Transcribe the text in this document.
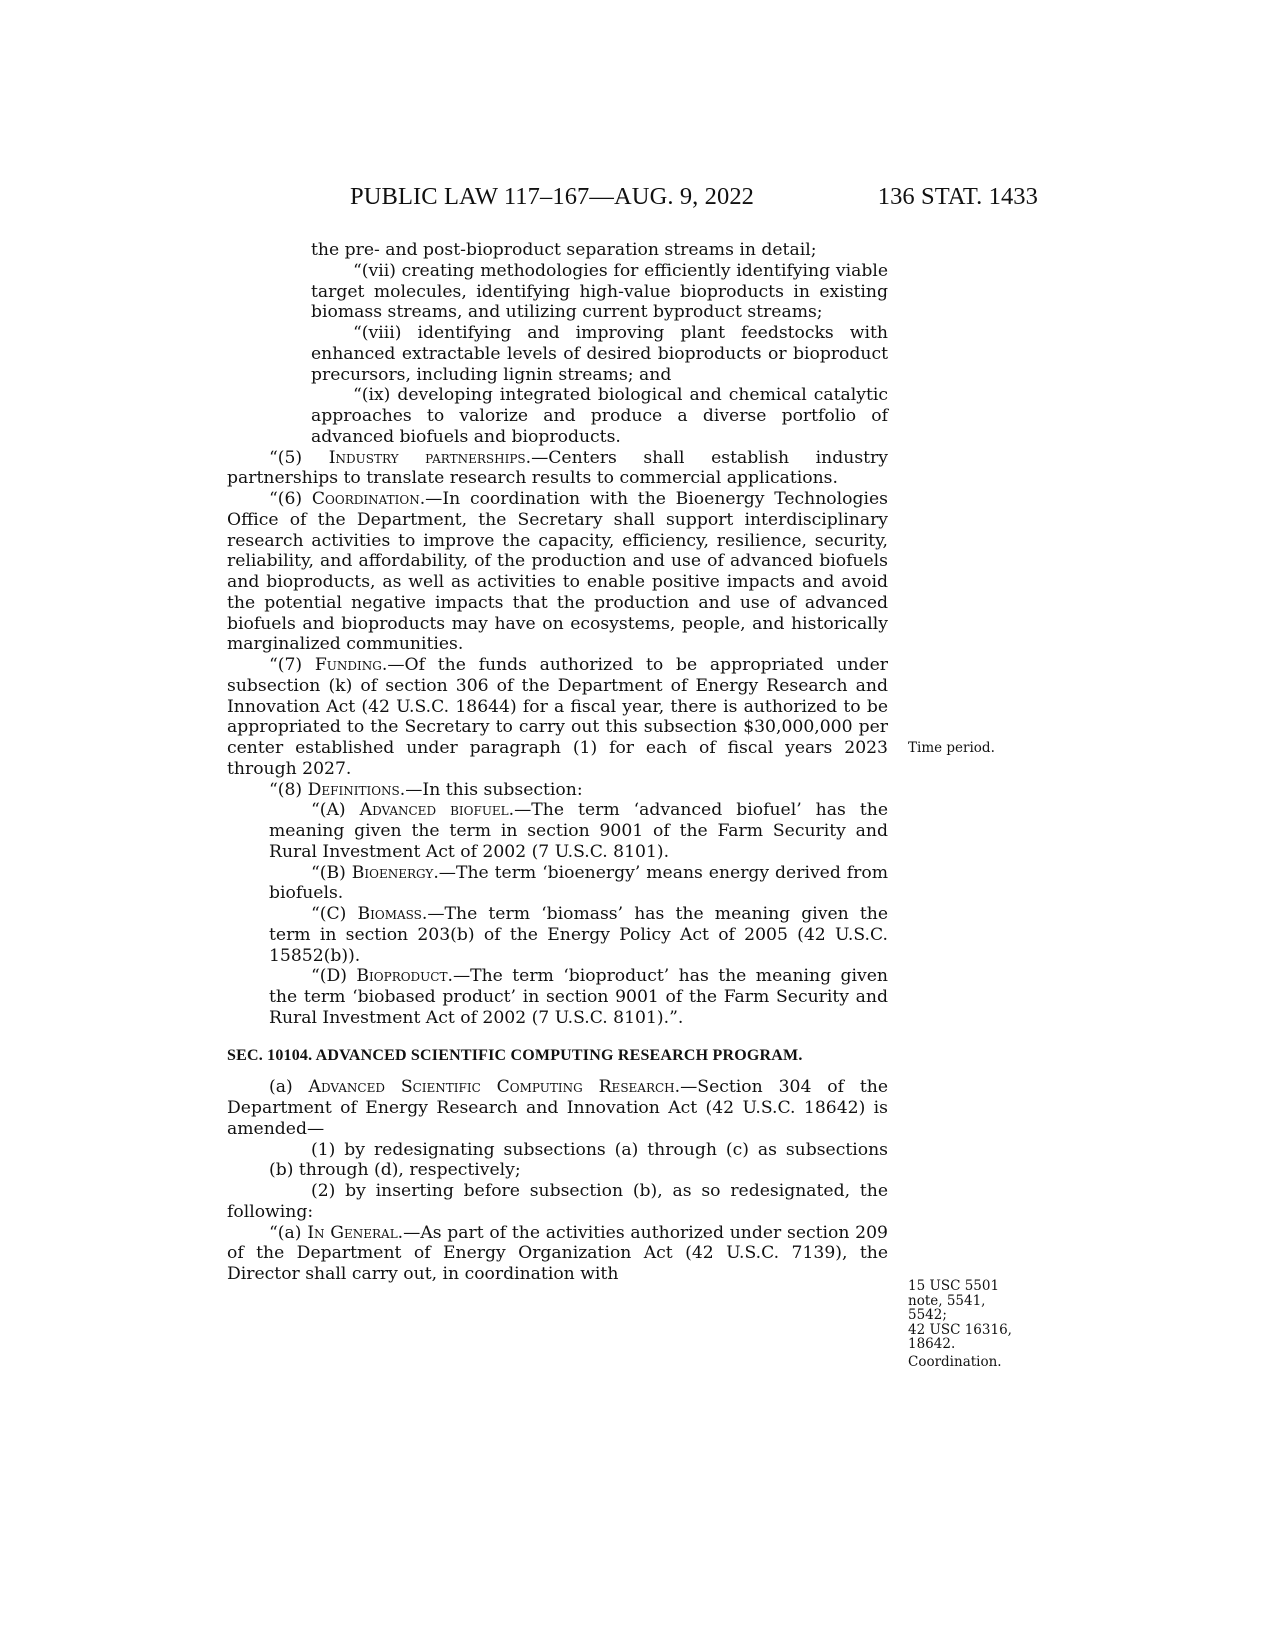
PUBLIC LAW 117–167—AUG. 9, 2022	136 STAT. 1433

the pre- and post-bioproduct separation streams in detail;

“(vii) creating methodologies for efficiently identifying viable target molecules, identifying high-value bioproducts in existing biomass streams, and utilizing current byproduct streams;

“(viii) identifying and improving plant feedstocks with enhanced extractable levels of desired bioproducts or bioproduct precursors, including lignin streams; and

“(ix) developing integrated biological and chemical catalytic approaches to valorize and produce a diverse portfolio of advanced biofuels and bioproducts.

“(5) Industry partnerships.—Centers shall establish industry partnerships to translate research results to commercial applications.

“(6) Coordination.—In coordination with the Bioenergy Technologies Office of the Department, the Secretary shall support interdisciplinary research activities to improve the capacity, efficiency, resilience, security, reliability, and affordability, of the production and use of advanced biofuels and bioproducts, as well as activities to enable positive impacts and avoid the potential negative impacts that the production and use of advanced biofuels and bioproducts may have on ecosystems, people, and historically marginalized communities.

“(7) Funding.—Of the funds authorized to be appropriated under subsection (k) of section 306 of the Department of Energy Research and Innovation Act (42 U.S.C. 18644) for a fiscal year, there is authorized to be appropriated to the Secretary to carry out this subsection $30,000,000 per center established under paragraph (1) for each of fiscal years 2023 through 2027.

“(8) Definitions.—In this subsection:

“(A) Advanced biofuel.—The term ‘advanced biofuel’ has the meaning given the term in section 9001 of the Farm Security and Rural Investment Act of 2002 (7 U.S.C. 8101).

“(B) Bioenergy.—The term ‘bioenergy’ means energy derived from biofuels.

“(C) Biomass.—The term ‘biomass’ has the meaning given the term in section 203(b) of the Energy Policy Act of 2005 (42 U.S.C. 15852(b)).

“(D) Bioproduct.—The term ‘bioproduct’ has the meaning given the term ‘biobased product’ in section 9001 of the Farm Security and Rural Investment Act of 2002 (7 U.S.C. 8101).”.

SEC. 10104. ADVANCED SCIENTIFIC COMPUTING RESEARCH PROGRAM.

(a) Advanced Scientific Computing Research.—Section 304 of the Department of Energy Research and Innovation Act (42 U.S.C. 18642) is amended—

(1) by redesignating subsections (a) through (c) as subsections (b) through (d), respectively;

(2) by inserting before subsection (b), as so redesignated, the following:

“(a) In General.—As part of the activities authorized under section 209 of the Department of Energy Organization Act (42 U.S.C. 7139), the Director shall carry out, in coordination with

Time period.
15 USC 5501
note, 5541, 5542;
42 USC 16316,
18642.
Coordination.
